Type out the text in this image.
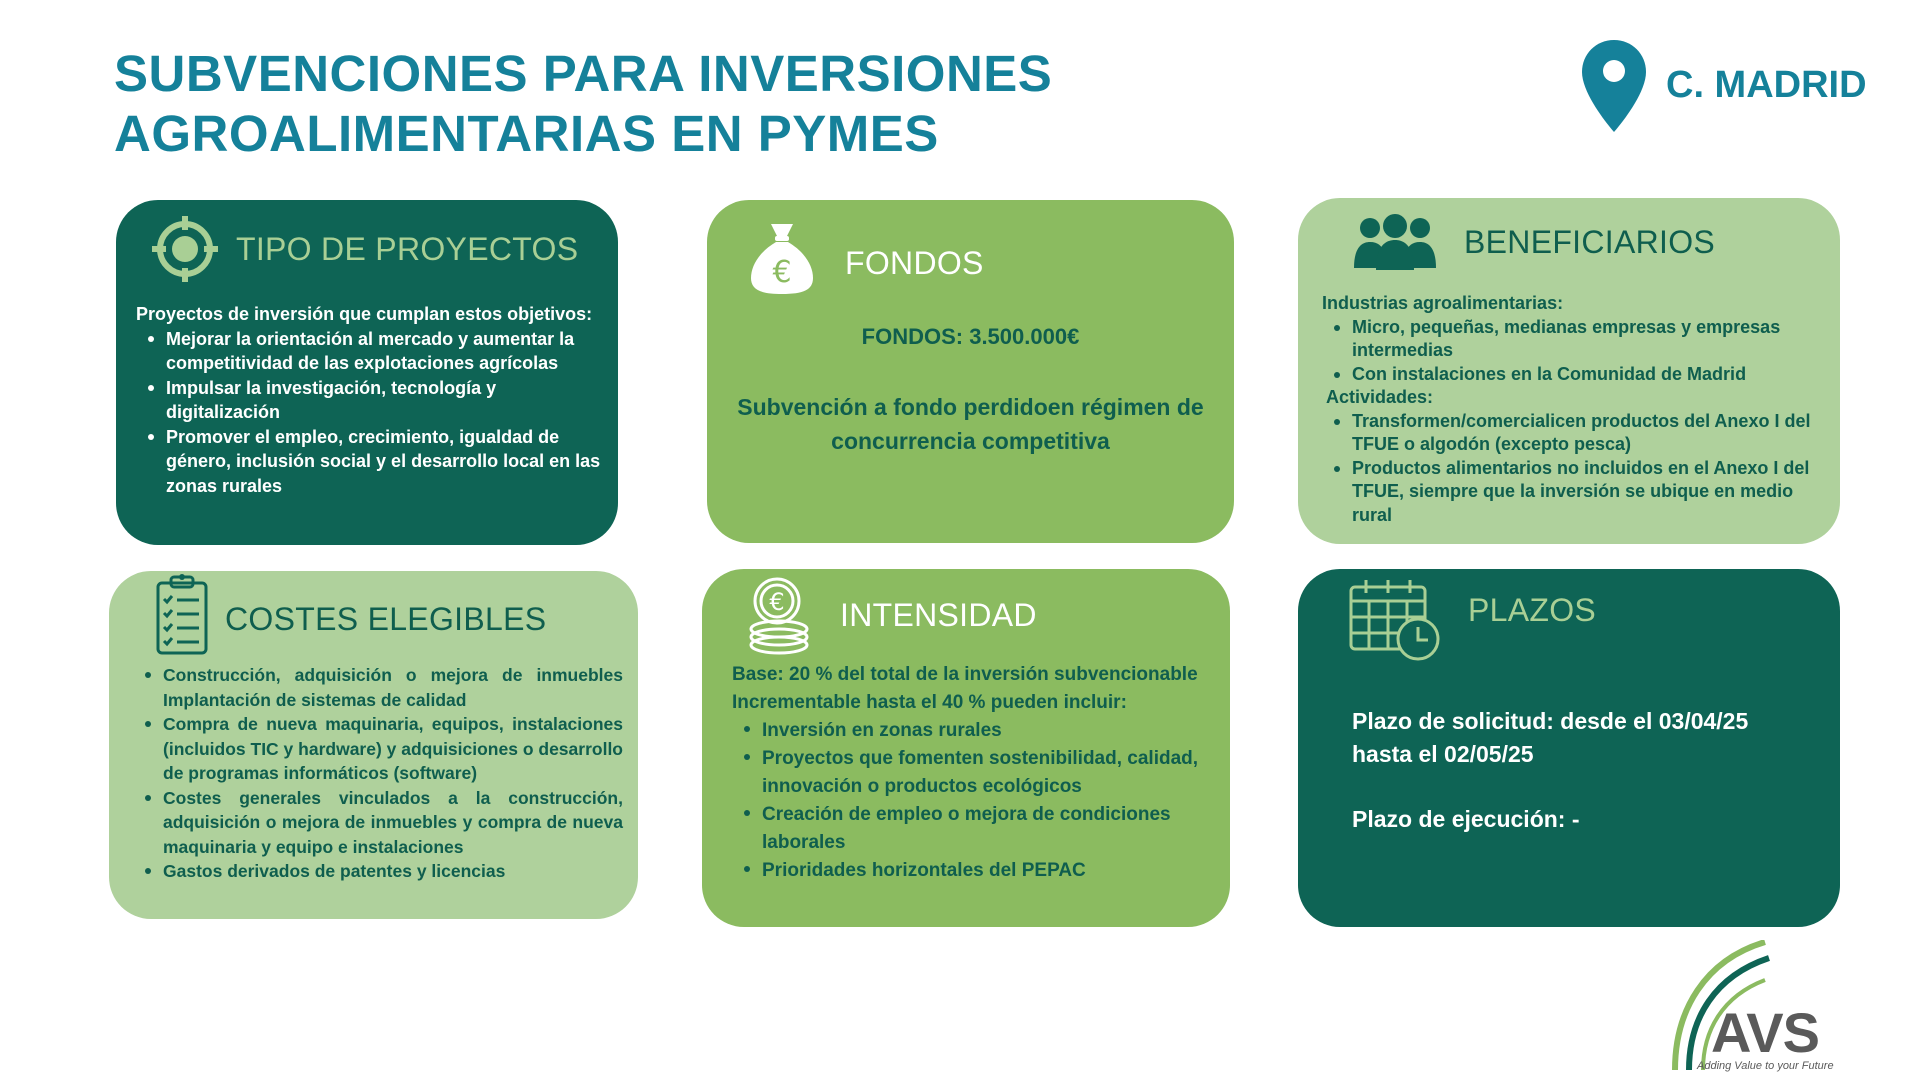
SUBVENCIONES PARA INVERSIONES
AGROALIMENTARIAS EN PYMES
C. MADRID
TIPO DE PROYECTOS
Proyectos de inversión que cumplan estos objetivos:
Mejorar la orientación al mercado y aumentar la competitividad de las explotaciones agrícolas
Impulsar la investigación, tecnología y digitalización
Promover el empleo, crecimiento, igualdad de género, inclusión social y el desarrollo local en las zonas rurales
€ FONDOS
FONDOS: 3.500.000€
Subvención a fondo perdidoen régimen de concurrencia competitiva
BENEFICIARIOS
Industrias agroalimentarias:
Micro, pequeñas, medianas empresas y empresas intermedias
Con instalaciones en la Comunidad de Madrid
Actividades:
Transformen/comercialicen productos del Anexo I del TFUE o algodón (excepto pesca)
Productos alimentarios no incluidos en el Anexo I del TFUE, siempre que la inversión se ubique en medio rural
COSTES ELEGIBLES
Construcción, adquisición o mejora de inmuebles Implantación de sistemas de calidad
Compra de nueva maquinaria, equipos, instalaciones (incluidos TIC y hardware) y adquisiciones o desarrollo de programas informáticos (software)
Costes generales vinculados a la construcción, adquisición o mejora de inmuebles y compra de nueva maquinaria y equipo e instalaciones
Gastos derivados de patentes y licencias
€ INTENSIDAD
Base: 20 % del total de la inversión subvencionable
Incrementable hasta el 40 % pueden incluir:
Inversión en zonas rurales
Proyectos que fomenten sostenibilidad, calidad, innovación o productos ecológicos
Creación de empleo o mejora de condiciones laborales
Prioridades horizontales del PEPAC
PLAZOS
Plazo de solicitud: desde el 03/04/25 hasta el 02/05/25
Plazo de ejecución: -
AVS
Adding Value to your Future
